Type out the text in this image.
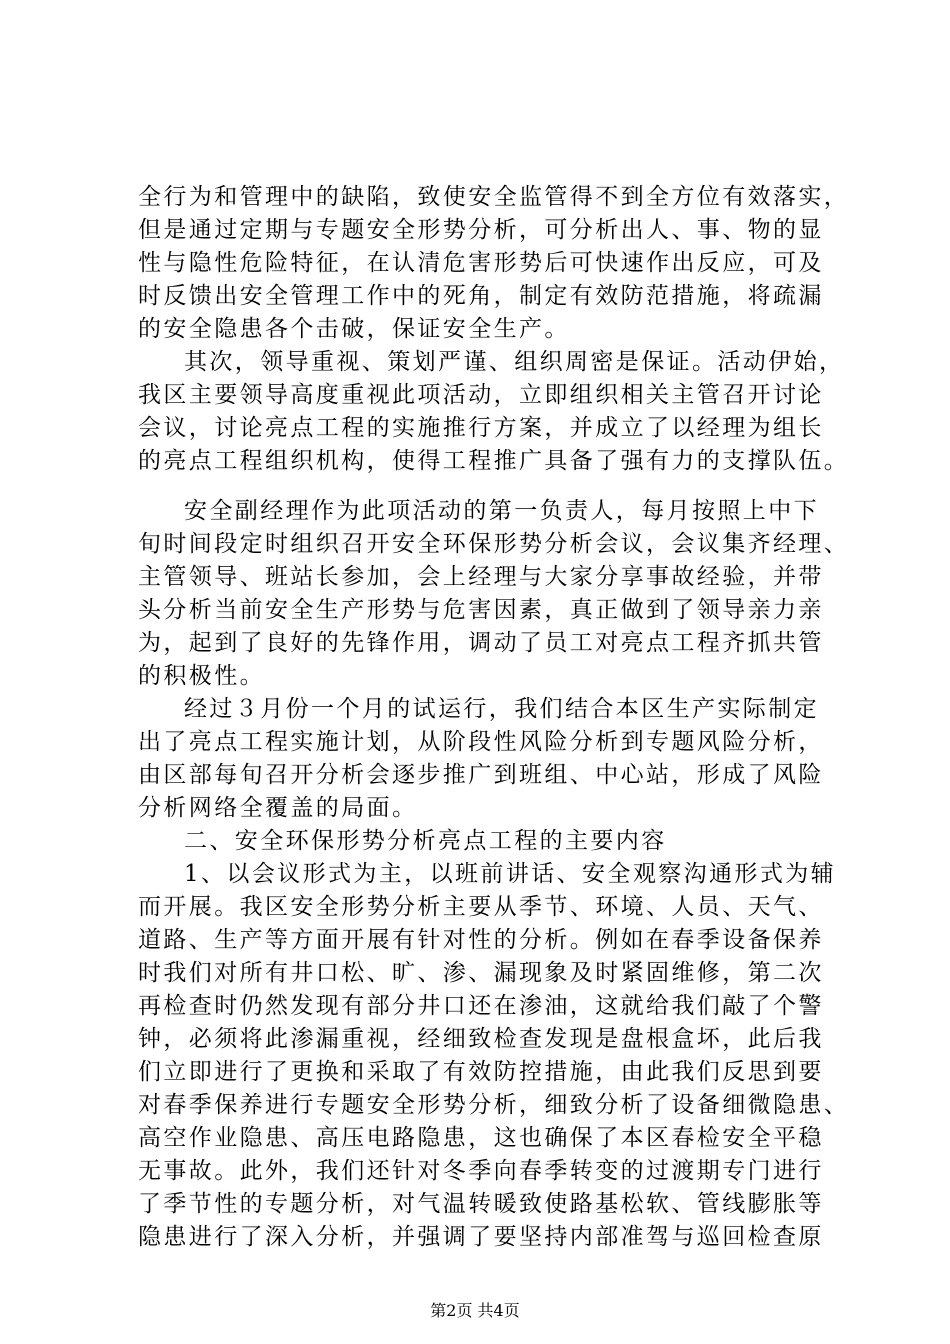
全行为和管理中的缺陷，致使安全监管得不到全方位有效落实，
但是通过定期与专题安全形势分析，可分析出人、事、物的显
性与隐性危险特征，在认清危害形势后可快速作出反应，可及
时反馈出安全管理工作中的死角，制定有效防范措施，将疏漏
的安全隐患各个击破，保证安全生产。
其次，领导重视、策划严谨、组织周密是保证。活动伊始，
我区主要领导高度重视此项活动，立即组织相关主管召开讨论
会议，讨论亮点工程的实施推行方案，并成立了以经理为组长
的亮点工程组织机构，使得工程推广具备了强有力的支撑队伍。
安全副经理作为此项活动的第一负责人，每月按照上中下
旬时间段定时组织召开安全环保形势分析会议，会议集齐经理、
主管领导、班站长参加，会上经理与大家分享事故经验，并带
头分析当前安全生产形势与危害因素，真正做到了领导亲力亲
为，起到了良好的先锋作用，调动了员工对亮点工程齐抓共管
的积极性。
经过３月份一个月的试运行，我们结合本区生产实际制定
出了亮点工程实施计划，从阶段性风险分析到专题风险分析，
由区部每旬召开分析会逐步推广到班组、中心站，形成了风险
分析网络全覆盖的局面。
二、安全环保形势分析亮点工程的主要内容
1、以会议形式为主，以班前讲话、安全观察沟通形式为辅
而开展。我区安全形势分析主要从季节、环境、人员、天气、
道路、生产等方面开展有针对性的分析。例如在春季设备保养
时我们对所有井口松、旷、渗、漏现象及时紧固维修，第二次
再检查时仍然发现有部分井口还在渗油，这就给我们敲了个警
钟，必须将此渗漏重视，经细致检查发现是盘根盒坏，此后我
们立即进行了更换和采取了有效防控措施，由此我们反思到要
对春季保养进行专题安全形势分析，细致分析了设备细微隐患、
高空作业隐患、高压电路隐患，这也确保了本区春检安全平稳
无事故。此外，我们还针对冬季向春季转变的过渡期专门进行
了季节性的专题分析，对气温转暖致使路基松软、管线膨胀等
隐患进行了深入分析，并强调了要坚持内部准驾与巡回检查原
第2页 共4页
